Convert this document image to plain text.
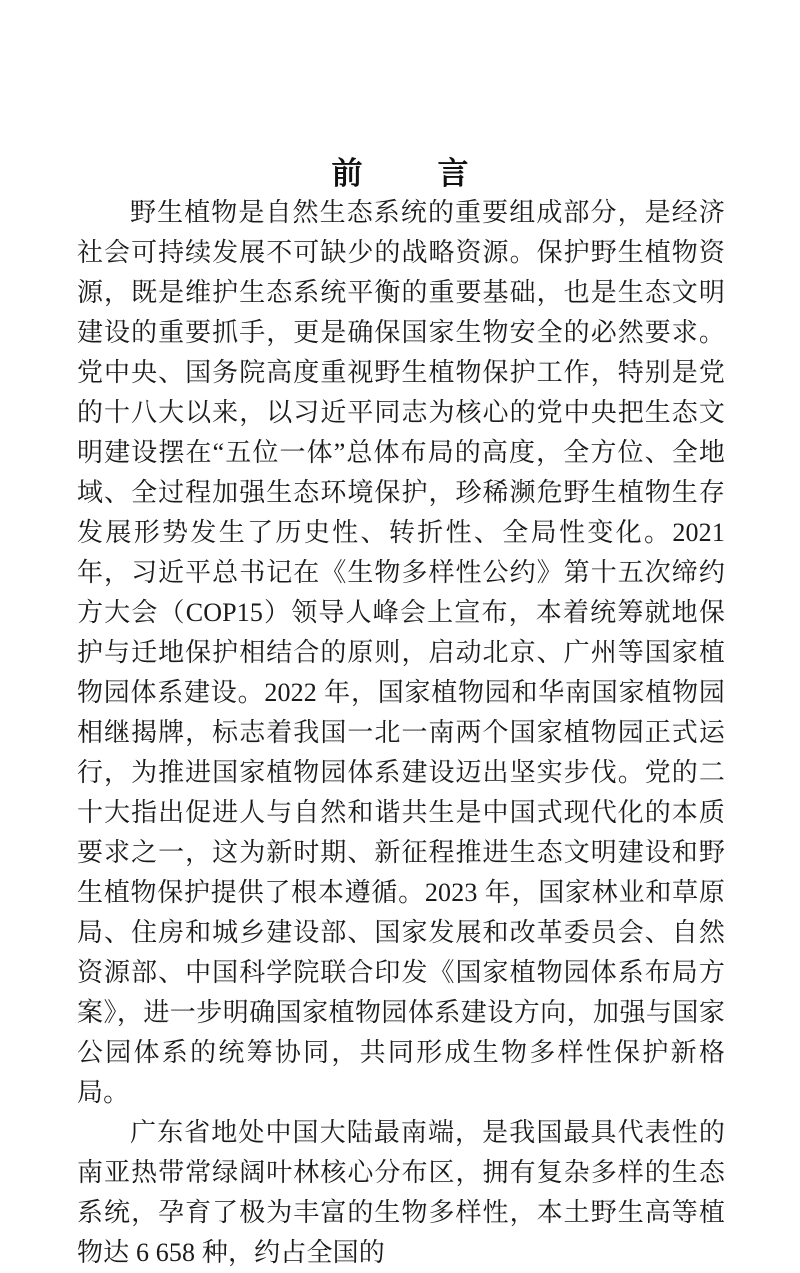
前　言

野生植物是自然生态系统的重要组成部分，是经济社会可持续发展不可缺少的战略资源。保护野生植物资源，既是维护生态系统平衡的重要基础，也是生态文明建设的重要抓手，更是确保国家生物安全的必然要求。党中央、国务院高度重视野生植物保护工作，特别是党的十八大以来，以习近平同志为核心的党中央把生态文明建设摆在“五位一体”总体布局的高度，全方位、全地域、全过程加强生态环境保护，珍稀濒危野生植物生存发展形势发生了历史性、转折性、全局性变化。2021 年，习近平总书记在《生物多样性公约》第十五次缔约方大会（COP15）领导人峰会上宣布，本着统筹就地保护与迁地保护相结合的原则，启动北京、广州等国家植物园体系建设。2022 年，国家植物园和华南国家植物园相继揭牌，标志着我国一北一南两个国家植物园正式运行，为推进国家植物园体系建设迈出坚实步伐。党的二十大指出促进人与自然和谐共生是中国式现代化的本质要求之一，这为新时期、新征程推进生态文明建设和野生植物保护提供了根本遵循。2023 年，国家林业和草原局、住房和城乡建设部、国家发展和改革委员会、自然资源部、中国科学院联合印发《国家植物园体系布局方案》，进一步明确国家植物园体系建设方向，加强与国家公园体系的统筹协同，共同形成生物多样性保护新格局。

广东省地处中国大陆最南端，是我国最具代表性的南亚热带常绿阔叶林核心分布区，拥有复杂多样的生态系统，孕育了极为丰富的生物多样性，本土野生高等植物达 6 658 种，约占全国的
